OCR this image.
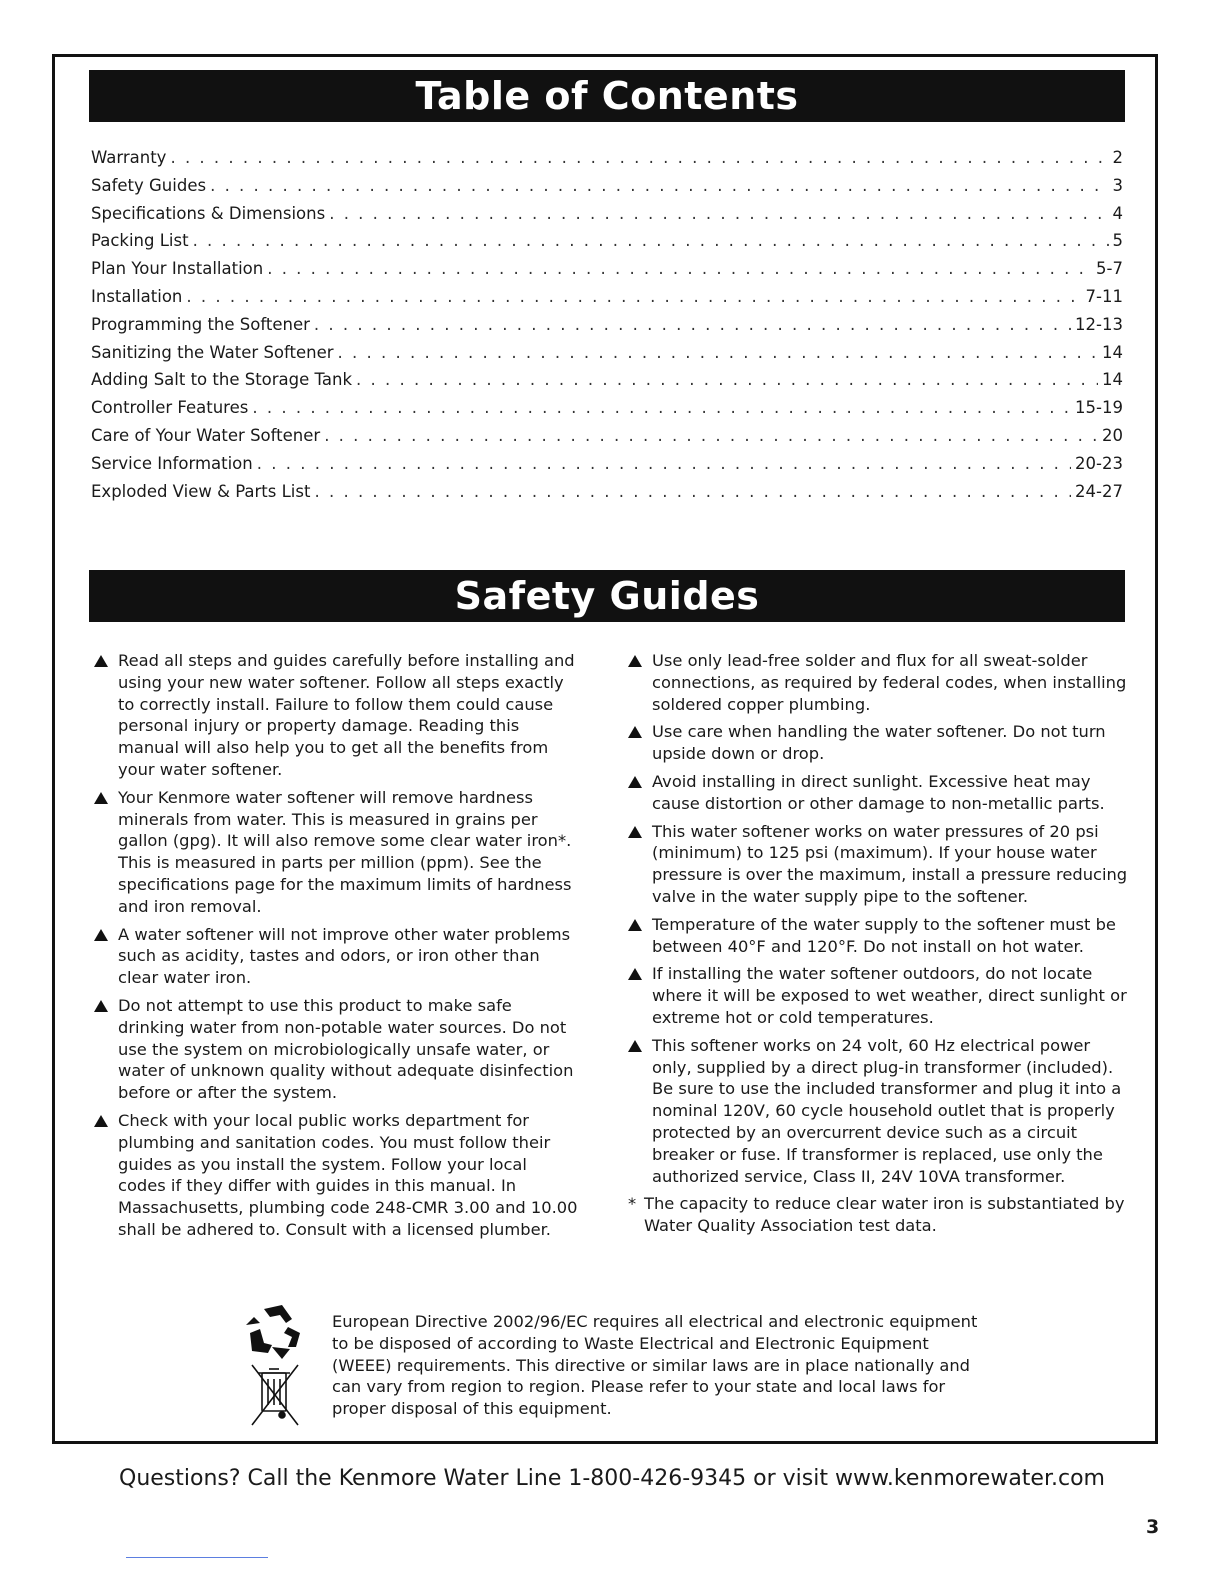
Table of Contents
Warranty . . .	2
Safety Guides . . .	3
Specifications & Dimensions . . .	4
Packing List . . .	5
Plan Your Installation . . .	5-7
Installation . . .	7-11
Programming the Softener . . .	12-13
Sanitizing the Water Softener . . .	14
Adding Salt to the Storage Tank . . .	14
Controller Features . . .	15-19
Care of Your Water Softener . . .	20
Service Information . . .	20-23
Exploded View & Parts List . . .	24-27
Safety Guides
Read all steps and guides carefully before installing and using your new water softener. Follow all steps exactly to correctly install. Failure to follow them could cause personal injury or property damage. Reading this manual will also help you to get all the benefits from your water softener.
Your Kenmore water softener will remove hardness minerals from water. This is measured in grains per gallon (gpg). It will also remove some clear water iron*. This is measured in parts per million (ppm). See the specifications page for the maximum limits of hardness and iron removal.
A water softener will not improve other water problems such as acidity, tastes and odors, or iron other than clear water iron.
Do not attempt to use this product to make safe drinking water from non-potable water sources. Do not use the system on microbiologically unsafe water, or water of unknown quality without adequate disinfection before or after the system.
Check with your local public works department for plumbing and sanitation codes. You must follow their guides as you install the system. Follow your local codes if they differ with guides in this manual. In Massachusetts, plumbing code 248-CMR 3.00 and 10.00 shall be adhered to. Consult with a licensed plumber.
Use only lead-free solder and flux for all sweat-solder connections, as required by federal codes, when installing soldered copper plumbing.
Use care when handling the water softener. Do not turn upside down or drop.
Avoid installing in direct sunlight. Excessive heat may cause distortion or other damage to non-metallic parts.
This water softener works on water pressures of 20 psi (minimum) to 125 psi (maximum). If your house water pressure is over the maximum, install a pressure reducing valve in the water supply pipe to the softener.
Temperature of the water supply to the softener must be between 40°F and 120°F. Do not install on hot water.
If installing the water softener outdoors, do not locate where it will be exposed to wet weather, direct sunlight or extreme hot or cold temperatures.
This softener works on 24 volt, 60 Hz electrical power only, supplied by a direct plug-in transformer (included). Be sure to use the included transformer and plug it into a nominal 120V, 60 cycle household outlet that is properly protected by an overcurrent device such as a circuit breaker or fuse. If transformer is replaced, use only the authorized service, Class II, 24V 10VA transformer.
* The capacity to reduce clear water iron is substantiated by Water Quality Association test data.
European Directive 2002/96/EC requires all electrical and electronic equipment to be disposed of according to Waste Electrical and Electronic Equipment (WEEE) requirements. This directive or similar laws are in place nationally and can vary from region to region. Please refer to your state and local laws for proper disposal of this equipment.
Questions? Call the Kenmore Water Line 1-800-426-9345 or visit www.kenmorewater.com
3
